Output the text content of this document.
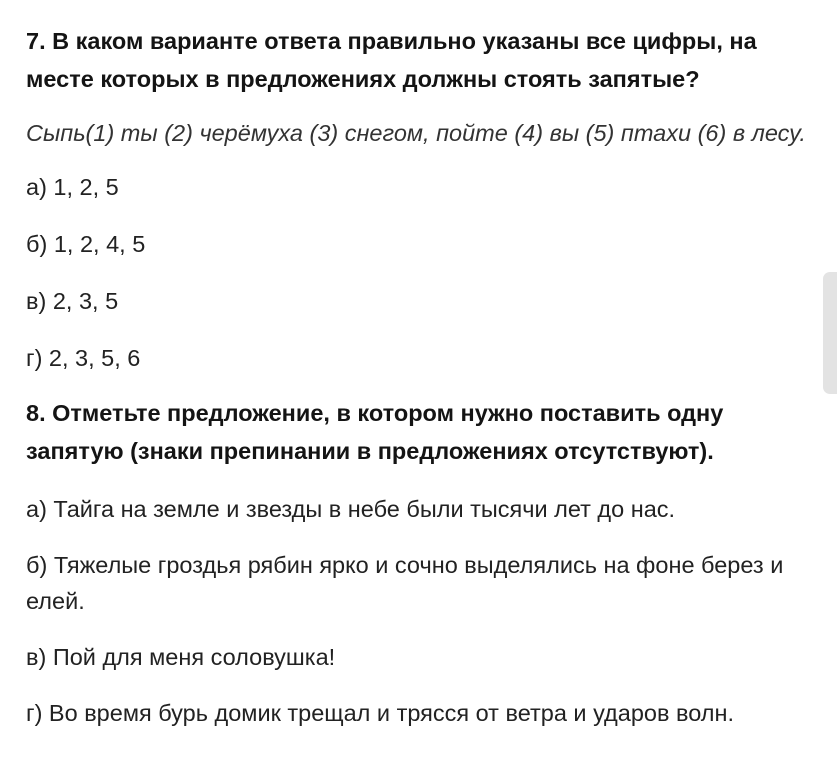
7. В каком варианте ответа правильно указаны все цифры, на месте которых в предложениях должны стоять запятые?

Сыпь(1) ты (2) черёмуха (3) снегом, пойте (4) вы (5) птахи (6) в лесу.

а) 1, 2, 5

б) 1, 2, 4, 5

в) 2, 3, 5

г) 2, 3, 5, 6

8. Отметьте предложение, в котором нужно поставить одну запятую (знаки препинании в предложениях отсутствуют).

а) Тайга на земле и звезды в небе были тысячи лет до нас.

б) Тяжелые гроздья рябин ярко и сочно выделялись на фоне берез и елей.

в) Пой для меня соловушка!

г) Во время бурь домик трещал и трясся от ветра и ударов волн.
